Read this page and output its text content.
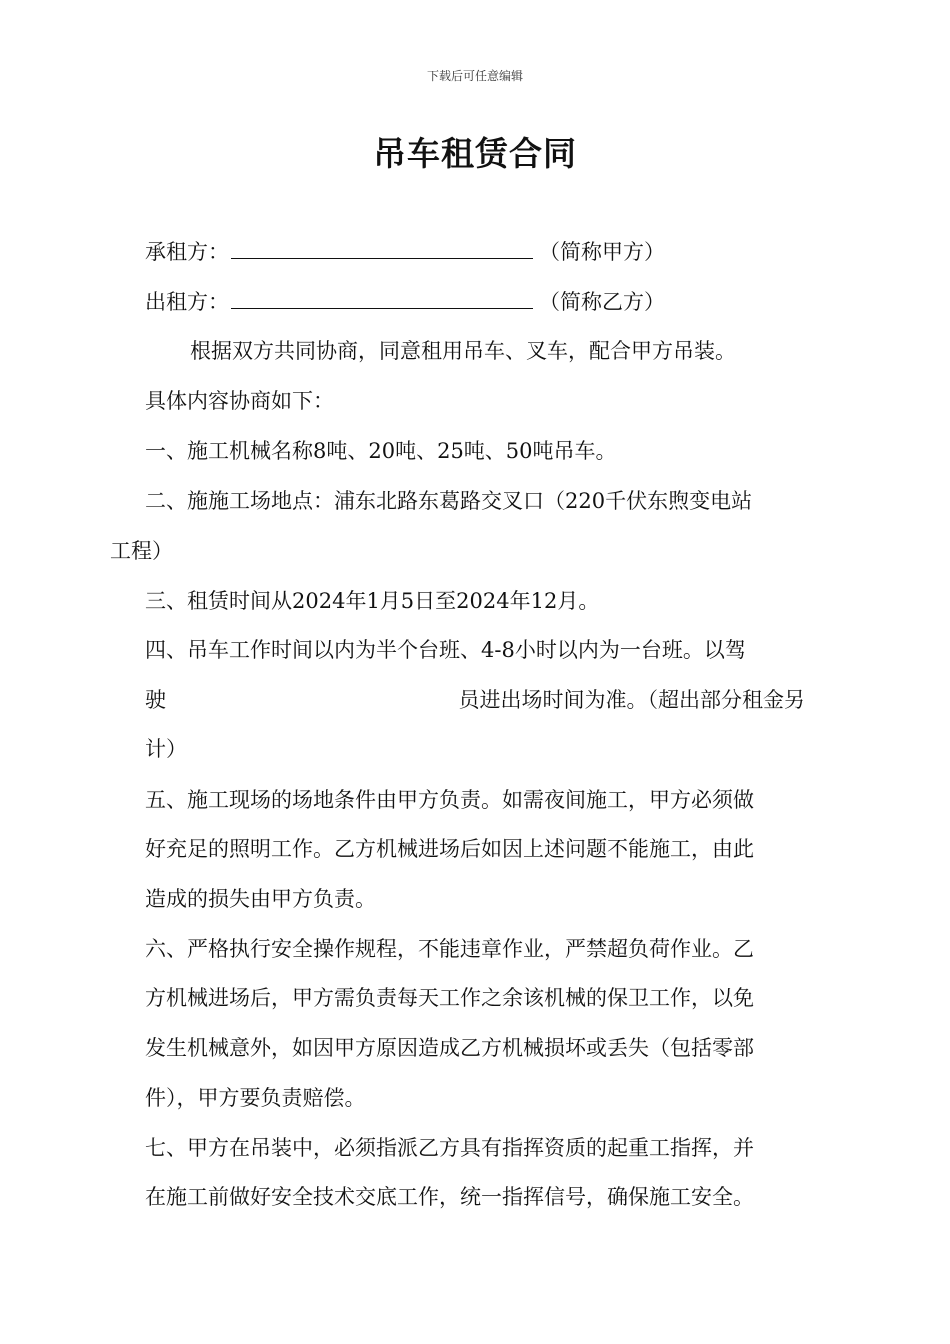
下载后可任意编辑
吊车租赁合同
承租方：	（简称甲方）
出租方：	（简称乙方）
根据双方共同协商，同意租用吊车、叉车，配合甲方吊装。
具体内容协商如下：
一、施工机械名称8吨、20吨、25吨、50吨吊车。
二、施施工场地点：浦东北路东葛路交叉口（220千伏东煦变电站
工程）
三、租赁时间从2024年1月5日至2024年12月。
四、吊车工作时间以内为半个台班、4-8小时以内为一台班。以驾
驶	员进出场时间为准。（超出部分租金另
计）
五、施工现场的场地条件由甲方负责。如需夜间施工，甲方必须做
好充足的照明工作。乙方机械进场后如因上述问题不能施工，由此
造成的损失由甲方负责。
六、严格执行安全操作规程，不能违章作业，严禁超负荷作业。乙
方机械进场后，甲方需负责每天工作之余该机械的保卫工作，以免
发生机械意外，如因甲方原因造成乙方机械损坏或丢失（包括零部
件），甲方要负责赔偿。
七、甲方在吊装中，必须指派乙方具有指挥资质的起重工指挥，并
在施工前做好安全技术交底工作，统一指挥信号，确保施工安全。
